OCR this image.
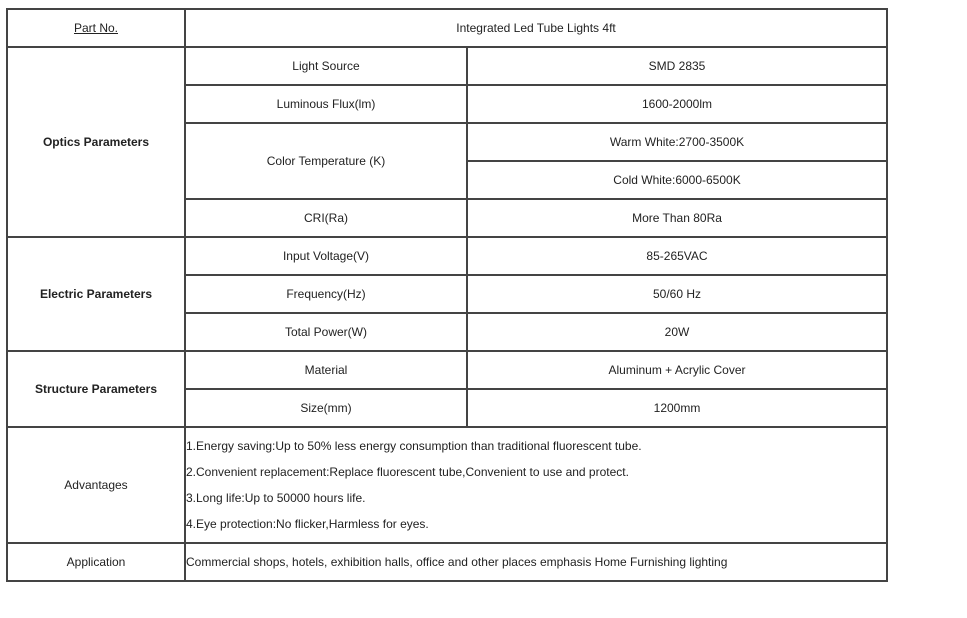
Part No.	Integrated Led Tube Lights 4ft	
Optics Parameters	Light Source	SMD 2835
	Luminous Flux(lm)	1600-2000lm
	Color Temperature (K)	Warm White:2700-3500K
		Cold White:6000-6500K
	CRI(Ra)	More Than 80Ra
Electric Parameters	Input Voltage(V)	85-265VAC
	Frequency(Hz)	50/60 Hz
	Total Power(W)	20W
Structure Parameters	Material	Aluminum + Acrylic Cover
	Size(mm)	1200mm
Advantages	1.Energy saving:Up to 50% less energy consumption than traditional fluorescent tube.
2.Convenient replacement:Replace fluorescent tube,Convenient to use and protect.
3.Long life:Up to 50000 hours life.
4.Eye protection:No flicker,Harmless for eyes.	

Application	Commercial shops, hotels, exhibition halls, office and other places emphasis Home Furnishing lighting	
